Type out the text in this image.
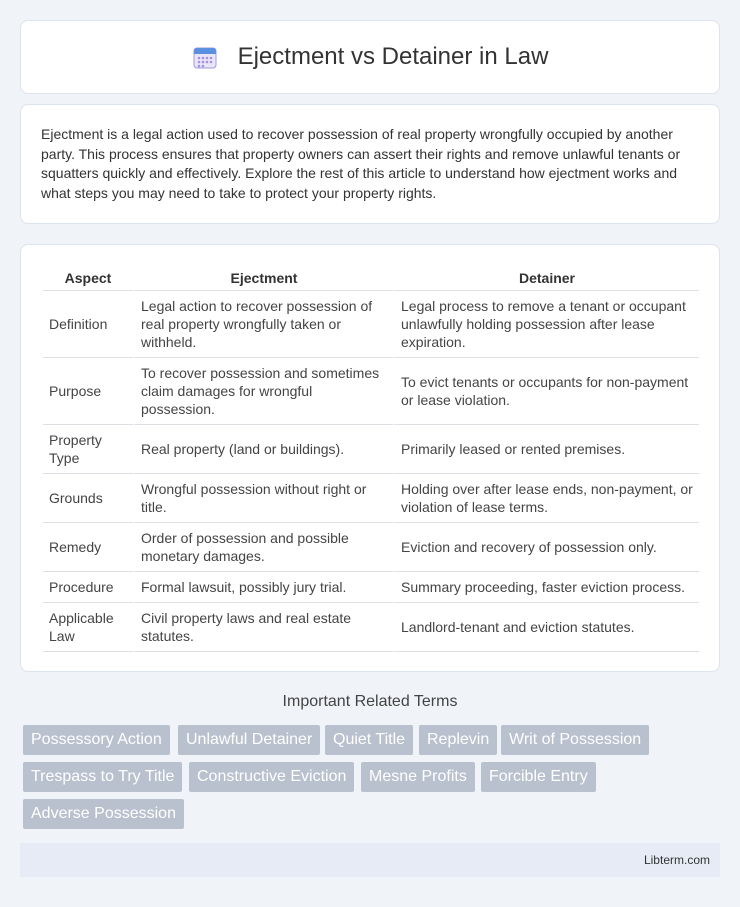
Ejectment vs Detainer in Law

Ejectment is a legal action used to recover possession of real property wrongfully occupied by another party. This process ensures that property owners can assert their rights and remove unlawful tenants or squatters quickly and effectively. Explore the rest of this article to understand how ejectment works and what steps you may need to take to protect your property rights.

Aspect	Ejectment	Detainer
Definition	Legal action to recover possession of real property wrongfully taken or withheld.	Legal process to remove a tenant or occupant unlawfully holding possession after lease expiration.
Purpose	To recover possession and sometimes claim damages for wrongful possession.	To evict tenants or occupants for non-payment or lease violation.
Property Type	Real property (land or buildings).	Primarily leased or rented premises.
Grounds	Wrongful possession without right or title.	Holding over after lease ends, non-payment, or violation of lease terms.
Remedy	Order of possession and possible monetary damages.	Eviction and recovery of possession only.
Procedure	Formal lawsuit, possibly jury trial.	Summary proceeding, faster eviction process.
Applicable Law	Civil property laws and real estate statutes.	Landlord-tenant and eviction statutes.
Important Related Terms
Possessory Action	Unlawful Detainer	Quiet Title	Replevin	Writ of Possession
Trespass to Try Title	Constructive Eviction	Mesne Profits	Forcible Entry
Adverse Possession
Libterm.com
